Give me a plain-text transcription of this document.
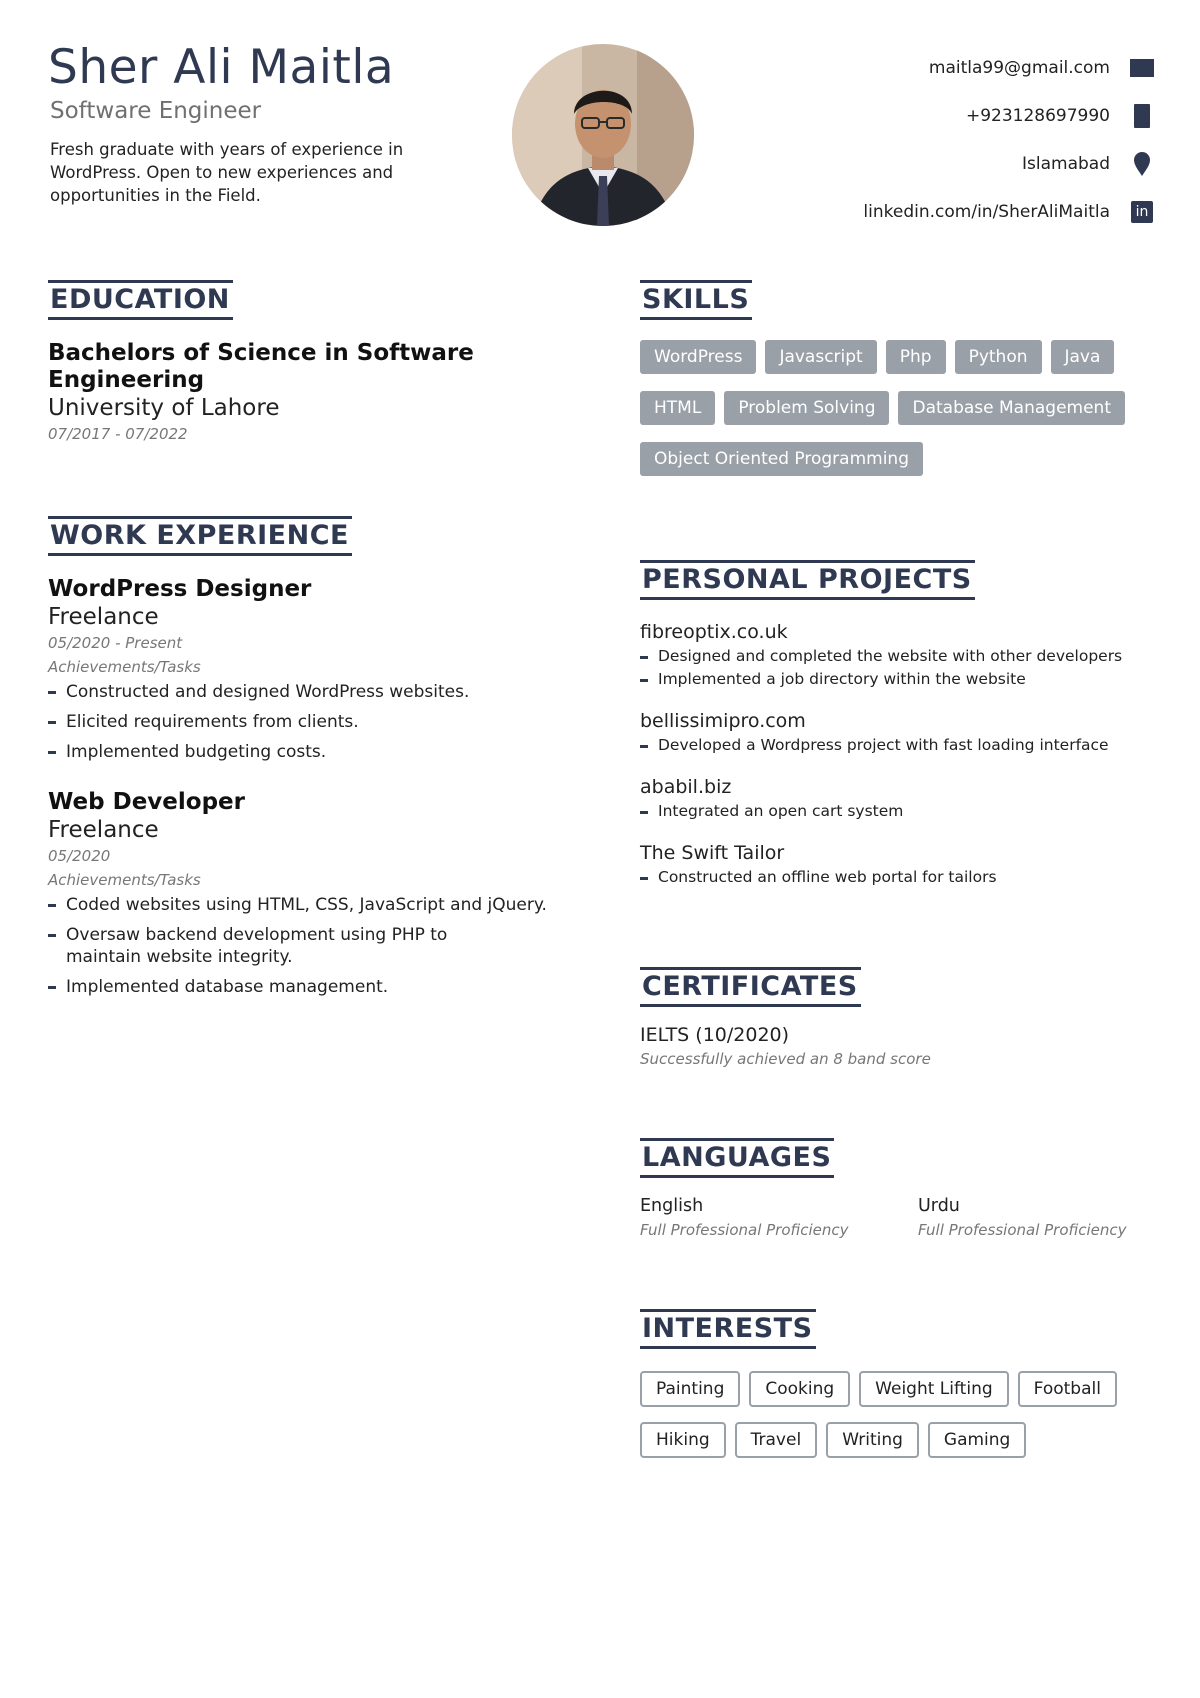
Sher Ali Maitla
Software Engineer
Fresh graduate with years of experience in WordPress. Open to new experiences and opportunities in the Field.
maitla99@gmail.com
+923128697990
Islamabad
linkedin.com/in/SherAliMaitla	in
EDUCATION
Bachelors of Science in Software Engineering
University of Lahore
07/2017 - 07/2022
WORK EXPERIENCE
WordPress Designer
Freelance
05/2020 - Present
Achievements/Tasks
Constructed and designed WordPress websites.
Elicited requirements from clients.
Implemented budgeting costs.
Web Developer
Freelance
05/2020
Achievements/Tasks
Coded websites using HTML, CSS, JavaScript and jQuery.
Oversaw backend development using PHP to maintain website integrity.
Implemented database management.
SKILLS
WordPress	Javascript	Php	Python	Java
HTML	Problem Solving	Database Management
Object Oriented Programming
PERSONAL PROJECTS
fibreoptix.co.uk
Designed and completed the website with other developers
Implemented a job directory within the website
bellissimipro.com
Developed a Wordpress project with fast loading interface
ababil.biz
Integrated an open cart system
The Swift Tailor
Constructed an offline web portal for tailors
CERTIFICATES
IELTS (10/2020)
Successfully achieved an 8 band score
LANGUAGES
English
Full Professional Proficiency
Urdu
Full Professional Proficiency
INTERESTS
Painting	Cooking	Weight Lifting	Football
Hiking	Travel	Writing	Gaming
